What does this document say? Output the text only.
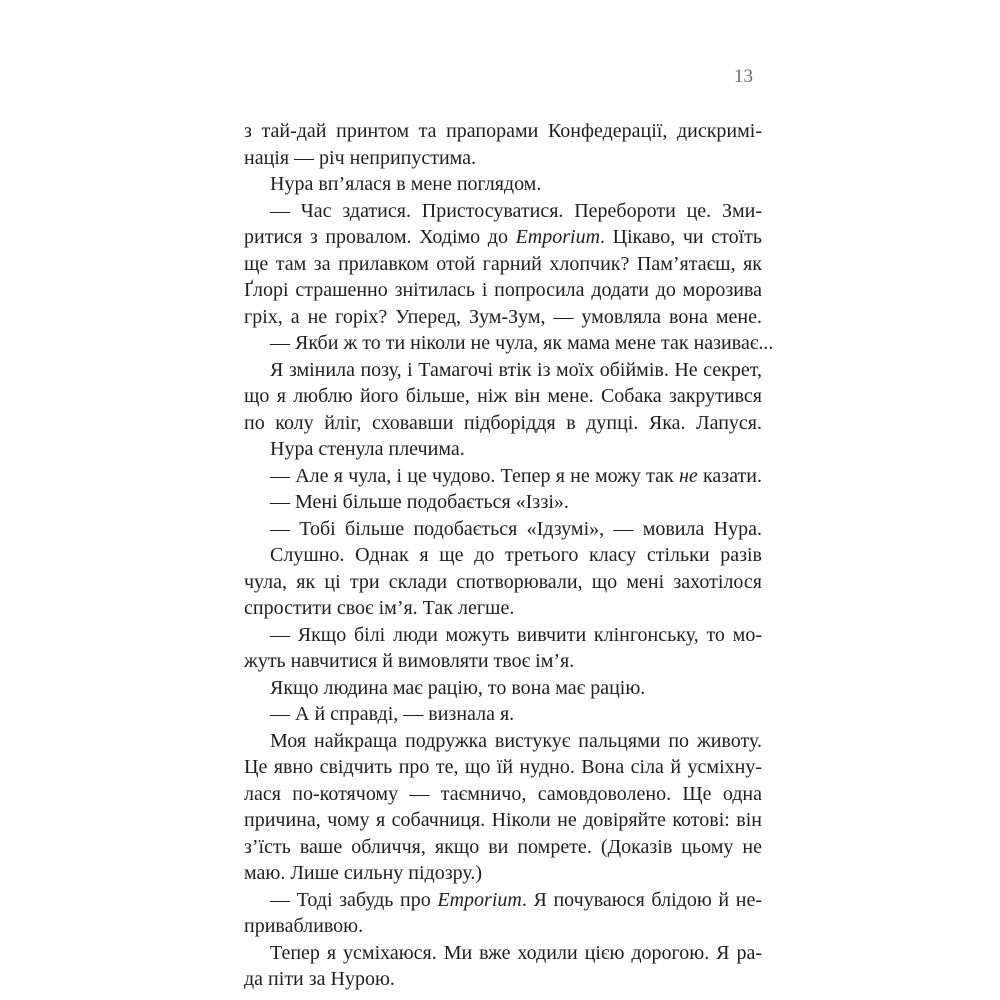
13
з тай-дай принтом та прапорами Конфедерації, дискримі-
нація — річ неприпустима.
Нура вп’ялася в мене поглядом.
— Час здатися. Пристосуватися. Перебороти це. Зми-
ритися з провалом. Ходімо до Emporium. Цікаво, чи стоїть
ще там за прилавком отой гарний хлопчик? Пам’ятаєш, як
Ґлорі страшенно знітилась і попросила додати до морозива
гріх, а не горіх? Уперед, Зум-Зум, — умовляла вона мене.
— Якби ж то ти ніколи не чула, як мама мене так називає...
Я змінила позу, і Тамагочі втік із моїх обіймів. Не секрет,
що я люблю його більше, ніж він мене. Собака закрутився
по колу йліг, сховавши підборіддя в дупці. Яка. Лапуся.
Нура стенула плечима.
— Але я чула, і це чудово. Тепер я не можу так не казати.
— Мені більше подобається «Іззі».
— Тобі більше подобається «Ідзумі», — мовила Нура.
Слушно. Однак я ще до третього класу стільки разів
чула, як ці три склади спотворювали, що мені захотілося
спростити своє ім’я. Так легше.
— Якщо білі люди можуть вивчити клінгонську, то мо-
жуть навчитися й вимовляти твоє ім’я.
Якщо людина має рацію, то вона має рацію.
— А й справді, — визнала я.
Моя найкраща подружка вистукує пальцями по животу.
Це явно свідчить про те, що їй нудно. Вона сіла й усміхну-
лася по-котячому — таємничо, самовдоволено. Ще одна
причина, чому я собачниця. Ніколи не довіряйте котові: він
з’їсть ваше обличчя, якщо ви помрете. (Доказів цьому не
маю. Лише сильну підозру.)
— Тоді забудь про Emporium. Я почуваюся блідою й не-
привабливою.
Тепер я усміхаюся. Ми вже ходили цією дорогою. Я ра-
да піти за Нурою.
